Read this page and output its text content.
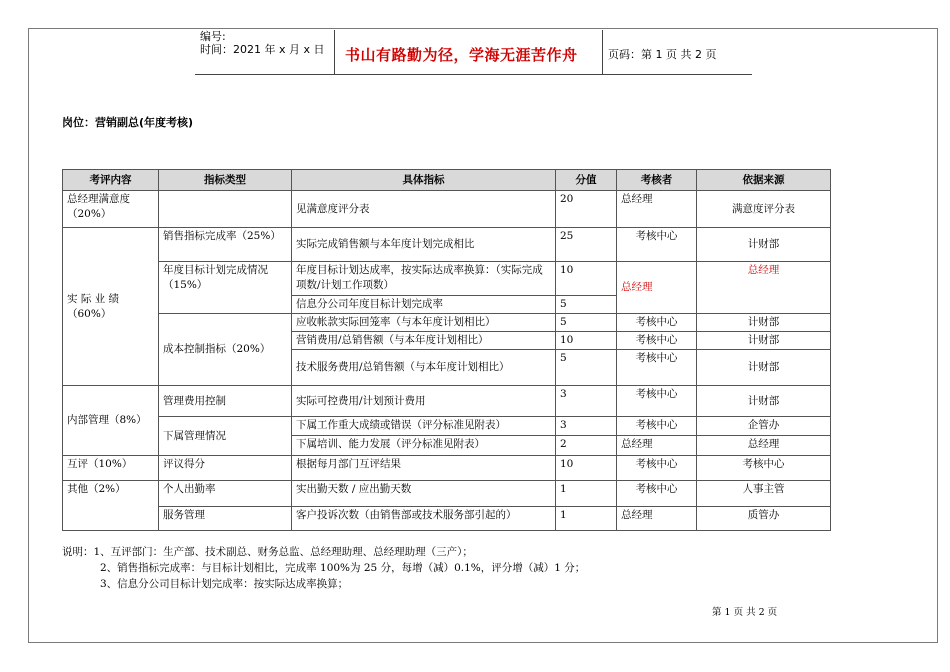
编号:
时间：2021 年 x 月 x 日 书山有路勤为径，学海无涯苦作舟	页码：第 1 页 共 2 页
岗位：营销副总(年度考核)
考评内容	指标类型	具体指标	分值	考核者	依据来源
总经理满意度（20%）		见满意度评分表	20	总经理	满意度评分表
实 际 业 绩（60%）	销售指标完成率（25%）	实际完成销售额与本年度计划完成相比	25	考核中心	计财部
	年度目标计划完成情况（15%）	年度目标计划达成率，按实际达成率换算：（实际完成项数/计划工作项数）	10	总经理	总经理
		信息分公司年度目标计划完成率	5		
	成本控制指标（20%）	应收帐款实际回笼率（与本年度计划相比）	5	考核中心	计财部
		营销费用/总销售额（与本年度计划相比）	10	考核中心	计财部
		技术服务费用/总销售额（与本年度计划相比）	5	考核中心	计财部
内部管理（8%）	管理费用控制	实际可控费用/计划预计费用	3	考核中心	计财部
	下属管理情况	下属工作重大成绩或错误（评分标准见附表）	3	考核中心	企管办
		下属培训、能力发展（评分标准见附表）	2	总经理	总经理
互评（10%）	评议得分	根据每月部门互评结果	10	考核中心	考核中心
其他（2%）	个人出勤率	实出勤天数 / 应出勤天数	1	考核中心	人事主管
	服务管理	客户投诉次数（由销售部或技术服务部引起的）	1	总经理	质管办
说明：1、互评部门：生产部、技术副总、财务总监、总经理助理、总经理助理（三产）；
2、销售指标完成率：与目标计划相比，完成率 100%为 25 分，每增（减）0.1%，评分增（减）1 分；
3、信息分公司目标计划完成率：按实际达成率换算；
第 1 页 共 2 页
